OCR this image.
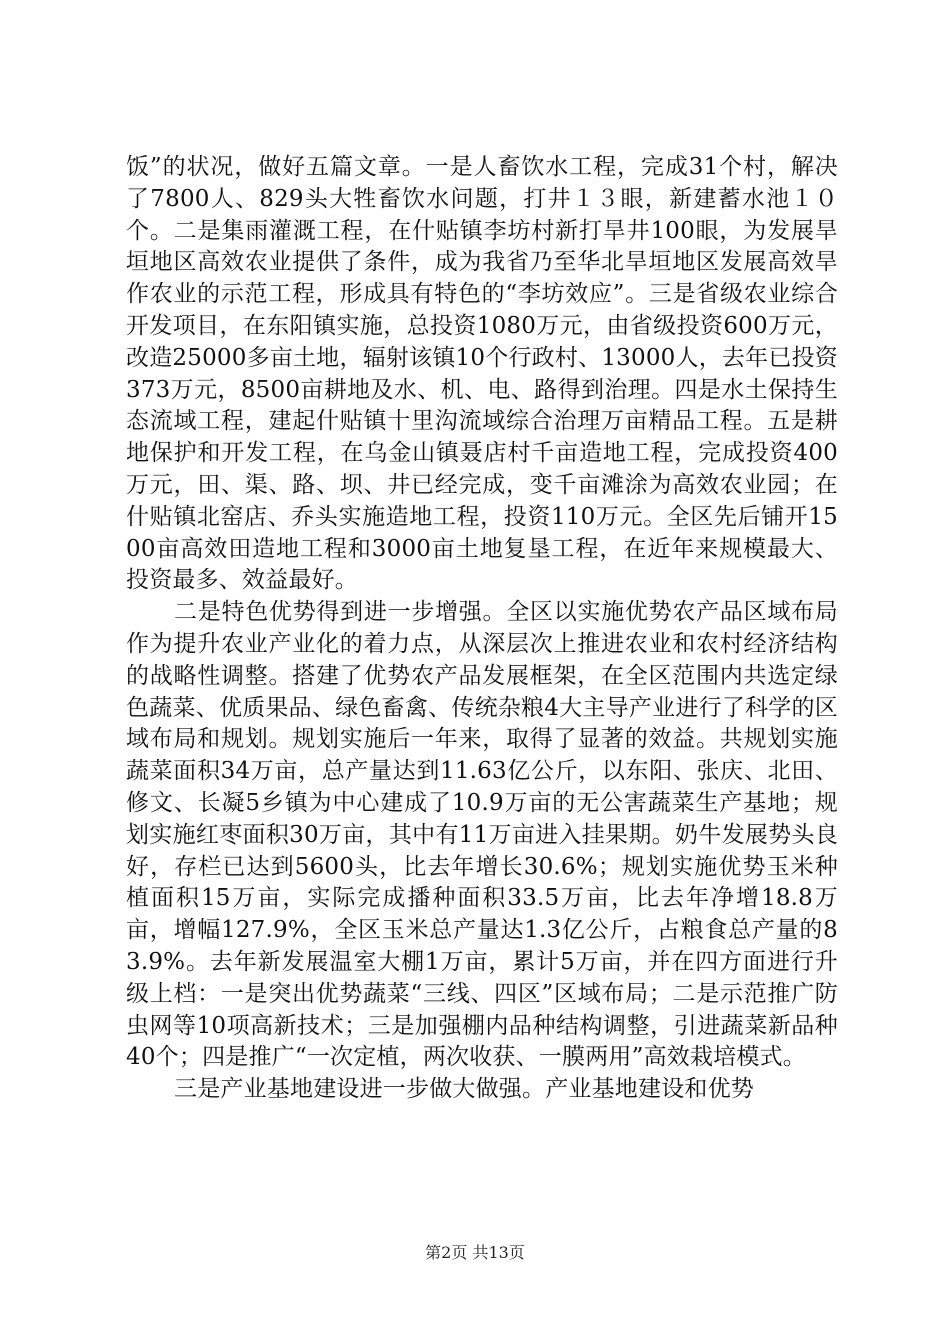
饭”的状况，做好五篇文章。一是人畜饮水工程，完成31个村，解决了7800人、829头大牲畜饮水问题，打井１３眼，新建蓄水池１０个。二是集雨灌溉工程，在什贴镇李坊村新打旱井100眼，为发展旱垣地区高效农业提供了条件，成为我省乃至华北旱垣地区发展高效旱作农业的示范工程，形成具有特色的“李坊效应”。三是省级农业综合开发项目，在东阳镇实施，总投资1080万元，由省级投资600万元，改造25000多亩土地，辐射该镇10个行政村、13000人，去年已投资373万元，8500亩耕地及水、机、电、路得到治理。四是水土保持生态流域工程，建起什贴镇十里沟流域综合治理万亩精品工程。五是耕地保护和开发工程，在乌金山镇聂店村千亩造地工程，完成投资400万元，田、渠、路、坝、井已经完成，变千亩滩涂为高效农业园；在什贴镇北窑店、乔头实施造地工程，投资110万元。全区先后铺开1500亩高效田造地工程和3000亩土地复垦工程，在近年来规模最大、投资最多、效益最好。

二是特色优势得到进一步增强。全区以实施优势农产品区域布局作为提升农业产业化的着力点，从深层次上推进农业和农村经济结构的战略性调整。搭建了优势农产品发展框架，在全区范围内共选定绿色蔬菜、优质果品、绿色畜禽、传统杂粮4大主导产业进行了科学的区域布局和规划。规划实施后一年来，取得了显著的效益。共规划实施蔬菜面积34万亩，总产量达到11.63亿公斤，以东阳、张庆、北田、修文、长凝5乡镇为中心建成了10.9万亩的无公害蔬菜生产基地；规划实施红枣面积30万亩，其中有11万亩进入挂果期。奶牛发展势头良好，存栏已达到5600头，比去年增长30.6%；规划实施优势玉米种植面积15万亩，实际完成播种面积33.5万亩，比去年净增18.8万亩，增幅127.9%，全区玉米总产量达1.3亿公斤，占粮食总产量的83.9%。去年新发展温室大棚1万亩，累计5万亩，并在四方面进行升级上档：一是突出优势蔬菜“三线、四区”区域布局；二是示范推广防虫网等10项高新技术；三是加强棚内品种结构调整，引进蔬菜新品种40个；四是推广“一次定植，两次收获、一膜两用”高效栽培模式。

三是产业基地建设进一步做大做强。产业基地建设和优势

第2页 共13页
